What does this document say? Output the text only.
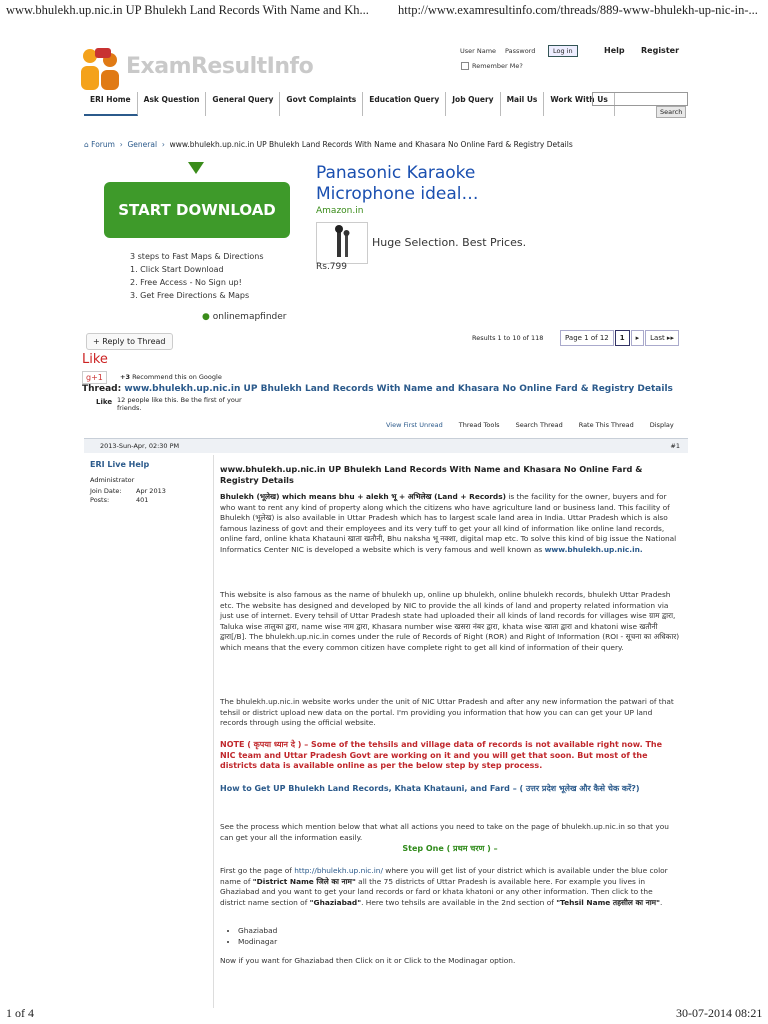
www.bhulekh.up.nic.in UP Bhulekh Land Records With Name and Kh... http://www.examresultinfo.com/threads/889-www-bhulekh-up-nic-in-...
1 of 4	30-07-2014 08:21
ExamResultInfo
User Name Password	Log in
Remember Me?
Help Register
ERI Home	Ask Question	General Query	Govt Complaints	Education Query	Job Query	Mail Us	Work With Us
Search
⌂ Forum  ›  General  ›  www.bhulekh.up.nic.in UP Bhulekh Land Records With Name and Khasara No Online Fard & Registry Details
START DOWNLOAD
3 steps to Fast Maps & Directions
1. Click Start Download
2. Free Access - No Sign up!
3. Get Free Directions & Maps
● onlinemapfinder
Panasonic Karaoke
Microphone ideal…
Amazon.in
Huge Selection. Best Prices.
Rs.799
+ Reply to Thread	Results 1 to 10 of 118	Page 1 of 12	1	▸	Last ▸▸
Like
g+1	+3 Recommend this on Google
Thread: www.bhulekh.up.nic.in UP Bhulekh Land Records With Name and Khasara No Online Fard & Registry Details
Like 12 people like this. Be the first of your friends.
View First Unread Thread Tools Search Thread Rate This Thread Display
2013-Sun-Apr, 02:30 PM	#1
ERI Live Help
Administrator
Join Date: Apr 2013
Posts:	401
www.bhulekh.up.nic.in UP Bhulekh Land Records With Name and Khasara No Online Fard & Registry Details
Bhulekh (भूलेख) which means bhu + alekh भू + अभिलेख (Land + Records) is the facility for the owner, buyers and for who want to rent any kind of property along which the citizens who have agriculture land or business land. This facility of Bhulekh (भूलेख) is also available in Uttar Pradesh which has to largest scale land area in India. Uttar Pradesh which is also famous laziness of govt and their employees and its very tuff to get your all kind of information like online land records, online fard, online khata Khatauni खाता खतौनी, Bhu naksha भू नक्शा, digital map etc. To solve this kind of big issue the National Informatics Center NIC is developed a website which is very famous and well known as www.bhulekh.up.nic.in.
This website is also famous as the name of bhulekh up, online up bhulekh, online bhulekh records, bhulekh Uttar Pradesh etc. The website has designed and developed by NIC to provide the all kinds of land and property related information via just use of internet. Every tehsil of Uttar Pradesh state had uploaded their all kinds of land records for villages wise ग्राम द्वारा, Taluka wise तालुका द्वारा, name wise नाम द्वारा, Khasara number wise खसरा नंबर द्वारा, khata wise खाता द्वारा and khatoni wise खतौनी द्वारा[/B]. The bhulekh.up.nic.in comes under the rule of Records of Right (ROR) and Right of Information (ROI - सूचना का अधिकार) which means that the every common citizen have complete right to get all kind of information of their query.
The bhulekh.up.nic.in website works under the unit of NIC Uttar Pradesh and after any new information the patwari of that tehsil or district upload new data on the portal. I'm providing you information that how you can can get your UP land records through using the official website.
NOTE ( कृपया ध्यान दे ) – Some of the tehsils and village data of records is not available right now. The NIC team and Uttar Pradesh Govt are working on it and you will get that soon. But most of the districts data is available online as per the below step by step process.
How to Get UP Bhulekh Land Records, Khata Khatauni, and Fard – ( उत्तर प्रदेश भूलेख और कैसे चेक करें?)
See the process which mention below that what all actions you need to take on the page of bhulekh.up.nic.in so that you can get your all the information easily.
Step One ( प्रथम चरण ) –
First go the page of http://bhulekh.up.nic.in/ where you will get list of your district which is available under the blue color name of "District Name जिले का नाम" all the 75 districts of Uttar Pradesh is available here. For example you lives in Ghaziabad and you want to get your land records or fard or khata khatoni or any other information. Then click to the district name section of "Ghaziabad". Here two tehsils are available in the 2nd section of "Tehsil Name तहसील का नाम".
• Ghaziabad
• Modinagar
Now if you want for Ghaziabad then Click on it or Click to the Modinagar option.
